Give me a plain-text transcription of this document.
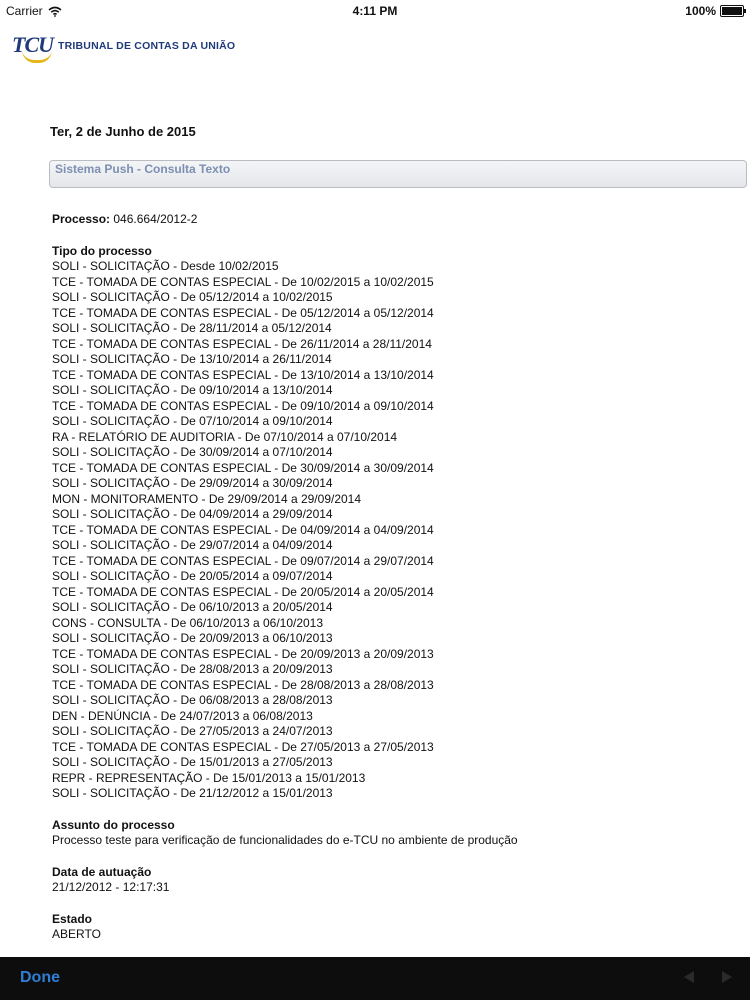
Carrier	4:11 PM	100%
TCU TRIBUNAL DE CONTAS DA UNIÃO
Ter, 2 de Junho de 2015
Sistema Push - Consulta Texto
Processo: 046.664/2012-2
Tipo do processo
SOLI - SOLICITAÇÃO - Desde 10/02/2015
TCE - TOMADA DE CONTAS ESPECIAL - De 10/02/2015 a 10/02/2015
SOLI - SOLICITAÇÃO - De 05/12/2014 a 10/02/2015
TCE - TOMADA DE CONTAS ESPECIAL - De 05/12/2014 a 05/12/2014
SOLI - SOLICITAÇÃO - De 28/11/2014 a 05/12/2014
TCE - TOMADA DE CONTAS ESPECIAL - De 26/11/2014 a 28/11/2014
SOLI - SOLICITAÇÃO - De 13/10/2014 a 26/11/2014
TCE - TOMADA DE CONTAS ESPECIAL - De 13/10/2014 a 13/10/2014
SOLI - SOLICITAÇÃO - De 09/10/2014 a 13/10/2014
TCE - TOMADA DE CONTAS ESPECIAL - De 09/10/2014 a 09/10/2014
SOLI - SOLICITAÇÃO - De 07/10/2014 a 09/10/2014
RA - RELATÓRIO DE AUDITORIA - De 07/10/2014 a 07/10/2014
SOLI - SOLICITAÇÃO - De 30/09/2014 a 07/10/2014
TCE - TOMADA DE CONTAS ESPECIAL - De 30/09/2014 a 30/09/2014
SOLI - SOLICITAÇÃO - De 29/09/2014 a 30/09/2014
MON - MONITORAMENTO - De 29/09/2014 a 29/09/2014
SOLI - SOLICITAÇÃO - De 04/09/2014 a 29/09/2014
TCE - TOMADA DE CONTAS ESPECIAL - De 04/09/2014 a 04/09/2014
SOLI - SOLICITAÇÃO - De 29/07/2014 a 04/09/2014
TCE - TOMADA DE CONTAS ESPECIAL - De 09/07/2014 a 29/07/2014
SOLI - SOLICITAÇÃO - De 20/05/2014 a 09/07/2014
TCE - TOMADA DE CONTAS ESPECIAL - De 20/05/2014 a 20/05/2014
SOLI - SOLICITAÇÃO - De 06/10/2013 a 20/05/2014
CONS - CONSULTA - De 06/10/2013 a 06/10/2013
SOLI - SOLICITAÇÃO - De 20/09/2013 a 06/10/2013
TCE - TOMADA DE CONTAS ESPECIAL - De 20/09/2013 a 20/09/2013
SOLI - SOLICITAÇÃO - De 28/08/2013 a 20/09/2013
TCE - TOMADA DE CONTAS ESPECIAL - De 28/08/2013 a 28/08/2013
SOLI - SOLICITAÇÃO - De 06/08/2013 a 28/08/2013
DEN - DENÚNCIA - De 24/07/2013 a 06/08/2013
SOLI - SOLICITAÇÃO - De 27/05/2013 a 24/07/2013
TCE - TOMADA DE CONTAS ESPECIAL - De 27/05/2013 a 27/05/2013
SOLI - SOLICITAÇÃO - De 15/01/2013 a 27/05/2013
REPR - REPRESENTAÇÃO - De 15/01/2013 a 15/01/2013
SOLI - SOLICITAÇÃO - De 21/12/2012 a 15/01/2013
Assunto do processo
Processo teste para verificação de funcionalidades do e-TCU no ambiente de produção
Data de autuação
21/12/2012 - 12:17:31
Estado
ABERTO
Done
